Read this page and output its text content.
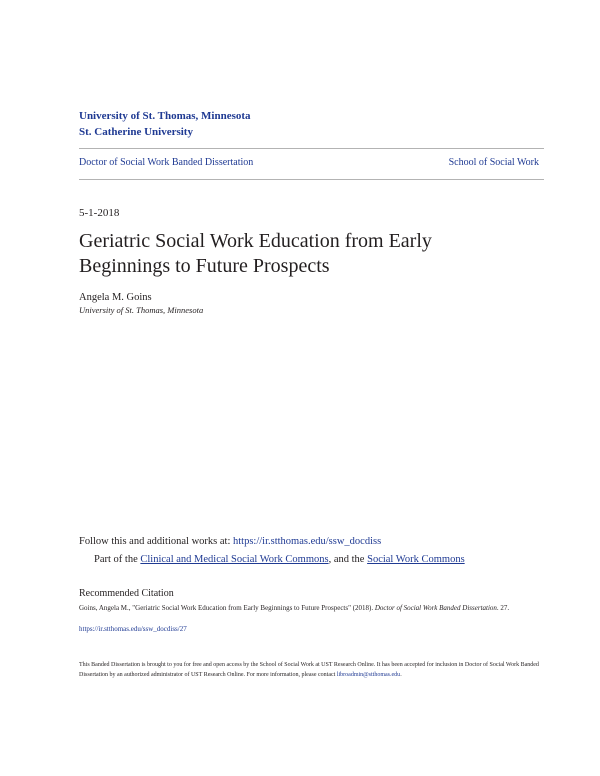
University of St. Thomas, Minnesota
St. Catherine University
Doctor of Social Work Banded Dissertation	School of Social Work
5-1-2018
Geriatric Social Work Education from Early Beginnings to Future Prospects
Angela M. Goins
University of St. Thomas, Minnesota
Follow this and additional works at: https://ir.stthomas.edu/ssw_docdiss
Part of the Clinical and Medical Social Work Commons, and the Social Work Commons
Recommended Citation
Goins, Angela M., "Geriatric Social Work Education from Early Beginnings to Future Prospects" (2018). Doctor of Social Work Banded Dissertation. 27.
https://ir.stthomas.edu/ssw_docdiss/27
This Banded Dissertation is brought to you for free and open access by the School of Social Work at UST Research Online. It has been accepted for inclusion in Doctor of Social Work Banded Dissertation by an authorized administrator of UST Research Online. For more information, please contact libroadmin@stthomas.edu.
